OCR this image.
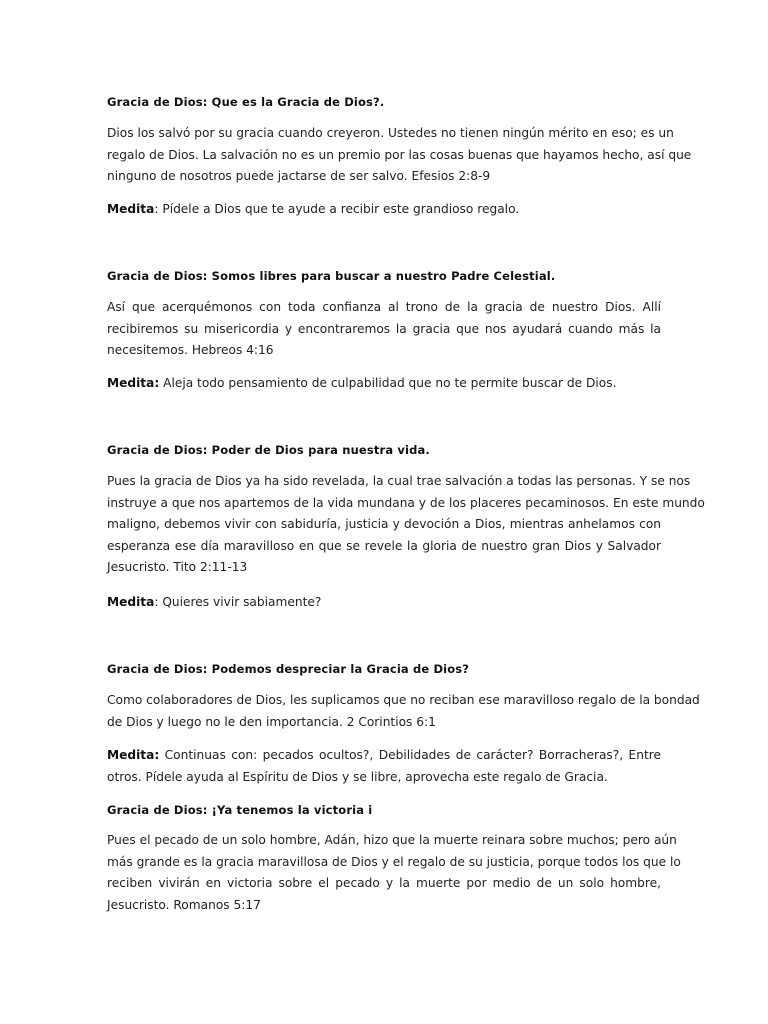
Gracia de Dios: Que es la Gracia de Dios?.
Dios los salvó por su gracia cuando creyeron. Ustedes no tienen ningún mérito en eso; es un
regalo de Dios. La salvación no es un premio por las cosas buenas que hayamos hecho, así que
ninguno de nosotros puede jactarse de ser salvo. Efesios 2:8-9
Medita: Pídele a Dios que te ayude a recibir este grandioso regalo.
Gracia de Dios: Somos libres para buscar a nuestro Padre Celestial.
Así que acerquémonos con toda confianza al trono de la gracia de nuestro Dios. Allí
recibiremos su misericordia y encontraremos la gracia que nos ayudará cuando más la
necesitemos. Hebreos 4:16
Medita: Aleja todo pensamiento de culpabilidad que no te permite buscar de Dios.
Gracia de Dios: Poder de Dios para nuestra vida.
Pues la gracia de Dios ya ha sido revelada, la cual trae salvación a todas las personas. Y se nos
instruye a que nos apartemos de la vida mundana y de los placeres pecaminosos. En este mundo
maligno, debemos vivir con sabiduría, justicia y devoción a Dios, mientras anhelamos con
esperanza ese día maravilloso en que se revele la gloria de nuestro gran Dios y Salvador
Jesucristo. Tito 2:11-13
Medita: Quieres vivir sabiamente?
Gracia de Dios: Podemos despreciar la Gracia de Dios?
Como colaboradores de Dios, les suplicamos que no reciban ese maravilloso regalo de la bondad
de Dios y luego no le den importancia. 2 Corintios 6:1
Medita: Continuas con: pecados ocultos?, Debilidades de carácter? Borracheras?, Entre
otros. Pídele ayuda al Espíritu de Dios y se libre, aprovecha este regalo de Gracia.
Gracia de Dios: ¡Ya tenemos la victoria i
Pues el pecado de un solo hombre, Adán, hizo que la muerte reinara sobre muchos; pero aún
más grande es la gracia maravillosa de Dios y el regalo de su justicia, porque todos los que lo
reciben vivirán en victoria sobre el pecado y la muerte por medio de un solo hombre,
Jesucristo. Romanos 5:17
